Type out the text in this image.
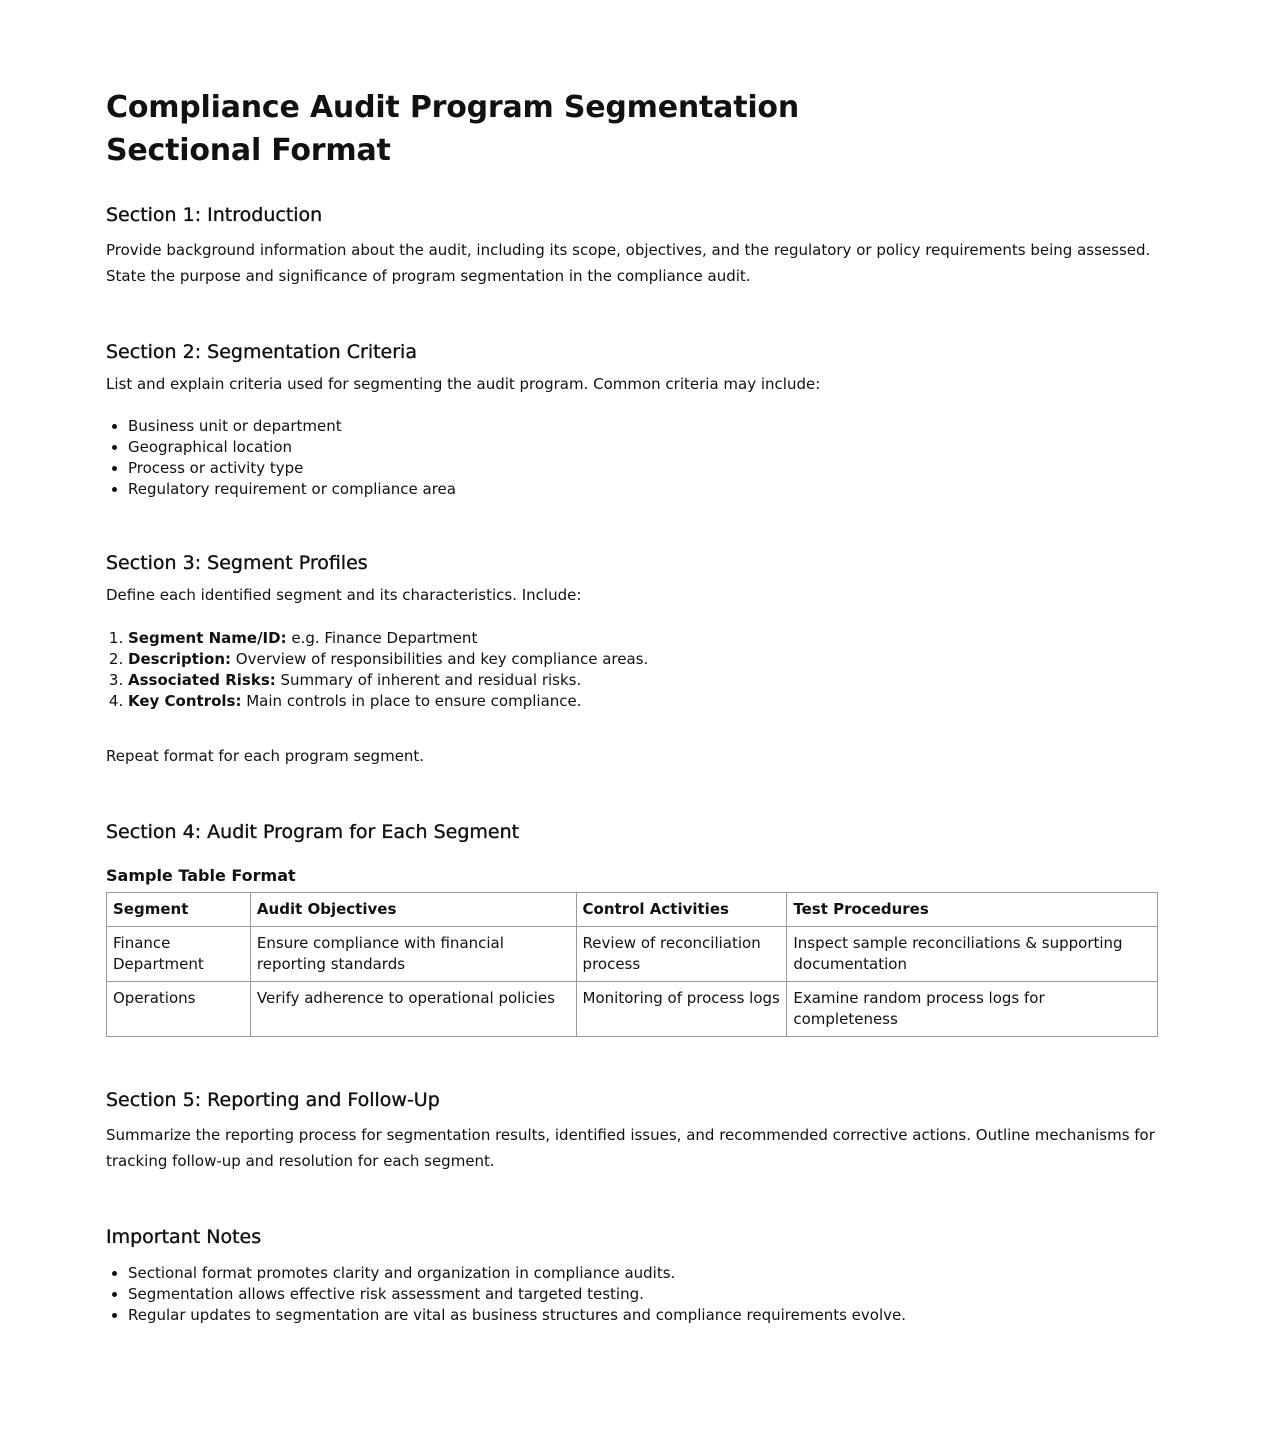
Compliance Audit Program Segmentation
Sectional Format
Section 1: Introduction

Provide background information about the audit, including its scope, objectives, and the regulatory or policy requirements being assessed. State the purpose and significance of program segmentation in the compliance audit.

Section 2: Segmentation Criteria

List and explain criteria used for segmenting the audit program. Common criteria may include:

• Business unit or department
• Geographical location
• Process or activity type
• Regulatory requirement or compliance area
Section 3: Segment Profiles

Define each identified segment and its characteristics. Include:

1. Segment Name/ID: e.g. Finance Department
2. Description: Overview of responsibilities and key compliance areas.
3. Associated Risks: Summary of inherent and residual risks.
4. Key Controls: Main controls in place to ensure compliance.

Repeat format for each program segment.

Section 4: Audit Program for Each Segment
Sample Table Format
Segment	Audit Objectives	Control Activities	Test Procedures
Finance Department	Ensure compliance with financial reporting standards	Review of reconciliation process	Inspect sample reconciliations & supporting documentation
Operations	Verify adherence to operational policies	Monitoring of process logs	Examine random process logs for completeness
Section 5: Reporting and Follow-Up

Summarize the reporting process for segmentation results, identified issues, and recommended corrective actions. Outline mechanisms for tracking follow-up and resolution for each segment.

Important Notes
• Sectional format promotes clarity and organization in compliance audits.
• Segmentation allows effective risk assessment and targeted testing.
• Regular updates to segmentation are vital as business structures and compliance requirements evolve.
